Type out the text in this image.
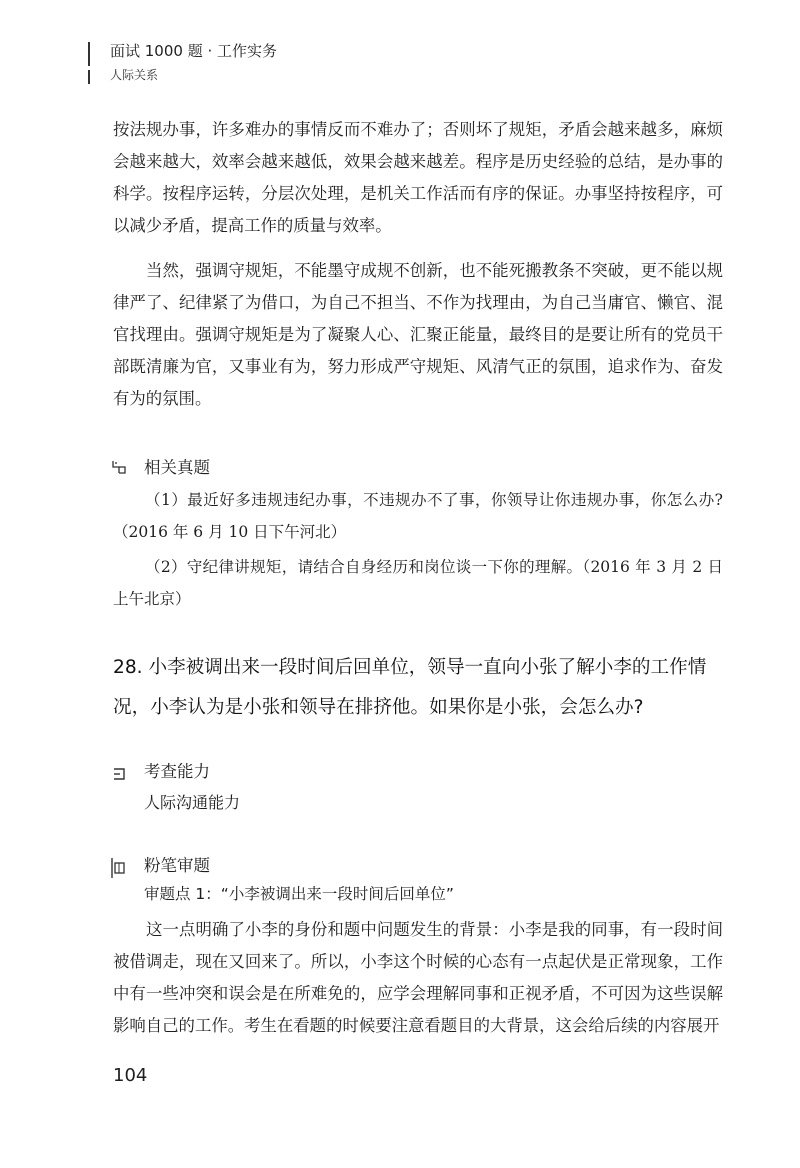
面试 1000 题 · 工作实务
人际关系

按法规办事，许多难办的事情反而不难办了；否则坏了规矩，矛盾会越来越多，麻烦会越来越大，效率会越来越低，效果会越来越差。程序是历史经验的总结，是办事的科学。按程序运转，分层次处理，是机关工作活而有序的保证。办事坚持按程序，可以减少矛盾，提高工作的质量与效率。

当然，强调守规矩，不能墨守成规不创新，也不能死搬教条不突破，更不能以规律严了、纪律紧了为借口，为自己不担当、不作为找理由，为自己当庸官、懒官、混官找理由。强调守规矩是为了凝聚人心、汇聚正能量，最终目的是要让所有的党员干部既清廉为官，又事业有为，努力形成严守规矩、风清气正的氛围，追求作为、奋发有为的氛围。

相关真题

（1）最近好多违规违纪办事，不违规办不了事，你领导让你违规办事，你怎么办?（2016 年 6 月 10 日下午河北）

（2）守纪律讲规矩，请结合自身经历和岗位谈一下你的理解。（2016 年 3 月 2 日上午北京）

28. 小李被调出来一段时间后回单位，领导一直向小张了解小李的工作情况，小李认为是小张和领导在排挤他。如果你是小张，会怎么办?

考查能力
人际沟通能力
粉笔审题
审题点 1：“小李被调出来一段时间后回单位”

这一点明确了小李的身份和题中问题发生的背景：小李是我的同事，有一段时间被借调走，现在又回来了。所以，小李这个时候的心态有一点起伏是正常现象，工作中有一些冲突和误会是在所难免的，应学会理解同事和正视矛盾，不可因为这些误解影响自己的工作。考生在看题的时候要注意看题目的大背景，这会给后续的内容展开

104
